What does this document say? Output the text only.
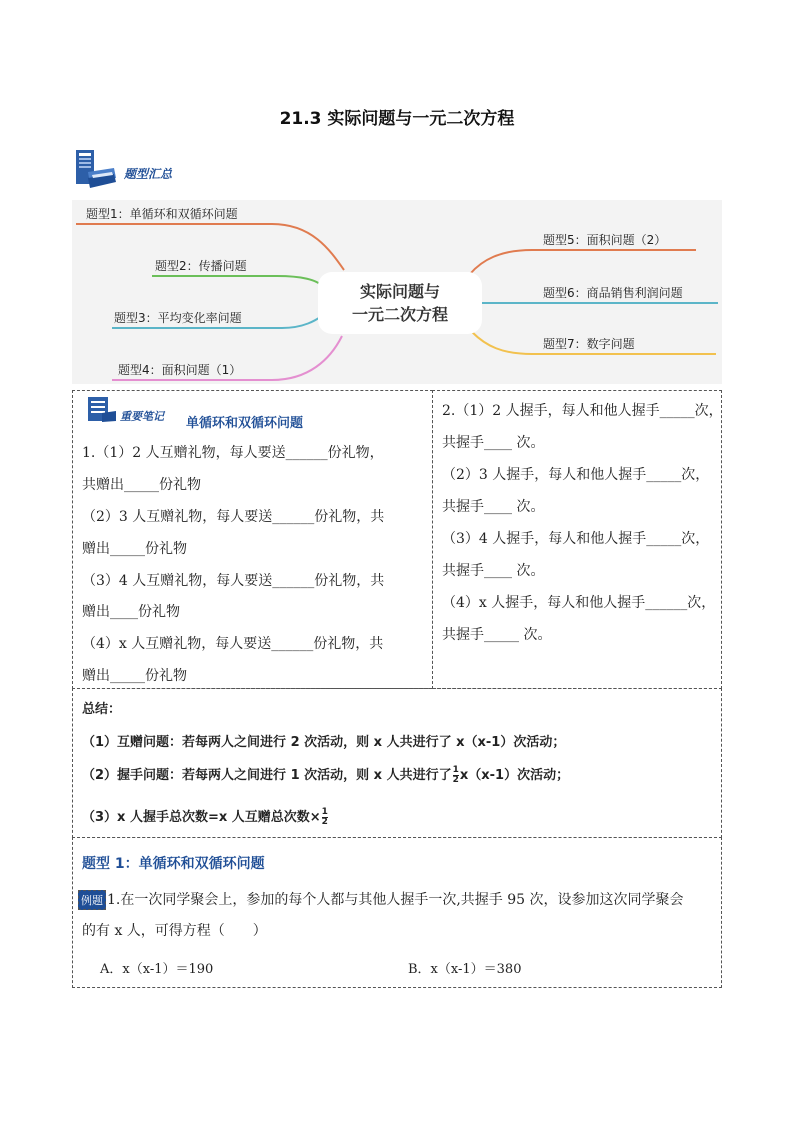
21.3 实际问题与一元二次方程
题型汇总
题型1：单循环和双循环问题
题型2：传播问题
题型3：平均变化率问题
题型4：面积问题（1）
题型5：面积问题（2）
题型6：商品销售利润问题
题型7：数字问题
实际问题与
一元二次方程
重要笔记 单循环和双循环问题
1.（1）2 人互赠礼物，每人要送______份礼物，
共赠出_____份礼物
（2）3 人互赠礼物，每人要送______份礼物，共
赠出_____份礼物
（3）4 人互赠礼物，每人要送______份礼物，共
赠出____份礼物
（4）x 人互赠礼物，每人要送______份礼物，共
赠出_____份礼物
2.（1）2 人握手，每人和他人握手_____次，
共握手____ 次。
（2）3 人握手，每人和他人握手_____次，
共握手____ 次。
（3）4 人握手，每人和他人握手_____次，
共握手____ 次。
（4）x 人握手，每人和他人握手______次，
共握手_____ 次。
总结：
（1）互赠问题：若每两人之间进行 2 次活动，则 x 人共进行了 x（x-1）次活动；
（2）握手问题：若每两人之间进行 1 次活动，则 x 人共进行了 $\frac{1}{2} x(x-1)$次活动；
（3）x 人握手总次数=x 人互赠总次数× $\frac{1}{2}$
题型 1：单循环和双循环问题
例题 1.在一次同学聚会上，参加的每个人都与其他人握手一次,共握手 95 次，设参加这次同学聚会
的有 x 人，可得方程（　　）
A．x（x-1）＝190	B．x（x-1）＝380
